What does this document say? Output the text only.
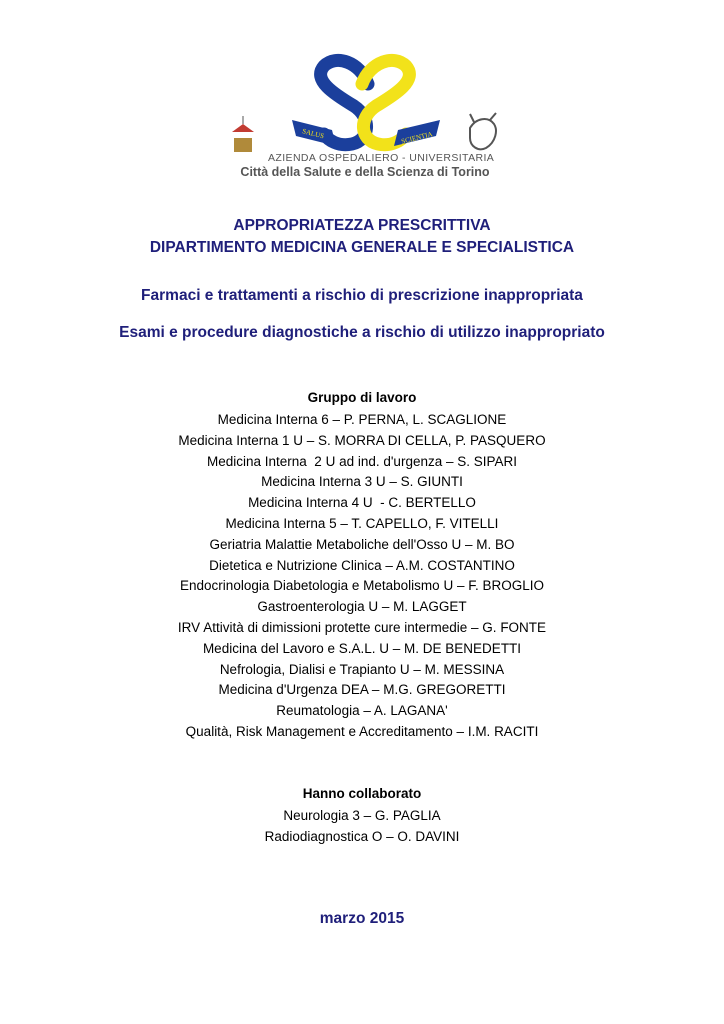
SALUS	SCIENTIA
AZIENDA OSPEDALIERO - UNIVERSITARIA
Città della Salute e della Scienza di Torino
APPROPRIATEZZA PRESCRITTIVA
DIPARTIMENTO MEDICINA GENERALE E SPECIALISTICA
Farmaci e trattamenti a rischio di prescrizione inappropriata
Esami e procedure diagnostiche a rischio di utilizzo inappropriato
Gruppo di lavoro
Medicina Interna 6 – P. PERNA, L. SCAGLIONE
Medicina Interna 1 U – S. MORRA DI CELLA, P. PASQUERO
Medicina Interna  2 U ad ind. d'urgenza – S. SIPARI
Medicina Interna 3 U – S. GIUNTI
Medicina Interna 4 U  - C. BERTELLO
Medicina Interna 5 – T. CAPELLO, F. VITELLI
Geriatria Malattie Metaboliche dell'Osso U – M. BO
Dietetica e Nutrizione Clinica – A.M. COSTANTINO
Endocrinologia Diabetologia e Metabolismo U – F. BROGLIO
Gastroenterologia U – M. LAGGET
IRV Attività di dimissioni protette cure intermedie – G. FONTE
Medicina del Lavoro e S.A.L. U – M. DE BENEDETTI
Nefrologia, Dialisi e Trapianto U – M. MESSINA
Medicina d'Urgenza DEA – M.G. GREGORETTI
Reumatologia – A. LAGANA'
Qualità, Risk Management e Accreditamento – I.M. RACITI
Hanno collaborato
Neurologia 3 – G. PAGLIA
Radiodiagnostica O – O. DAVINI
marzo 2015
